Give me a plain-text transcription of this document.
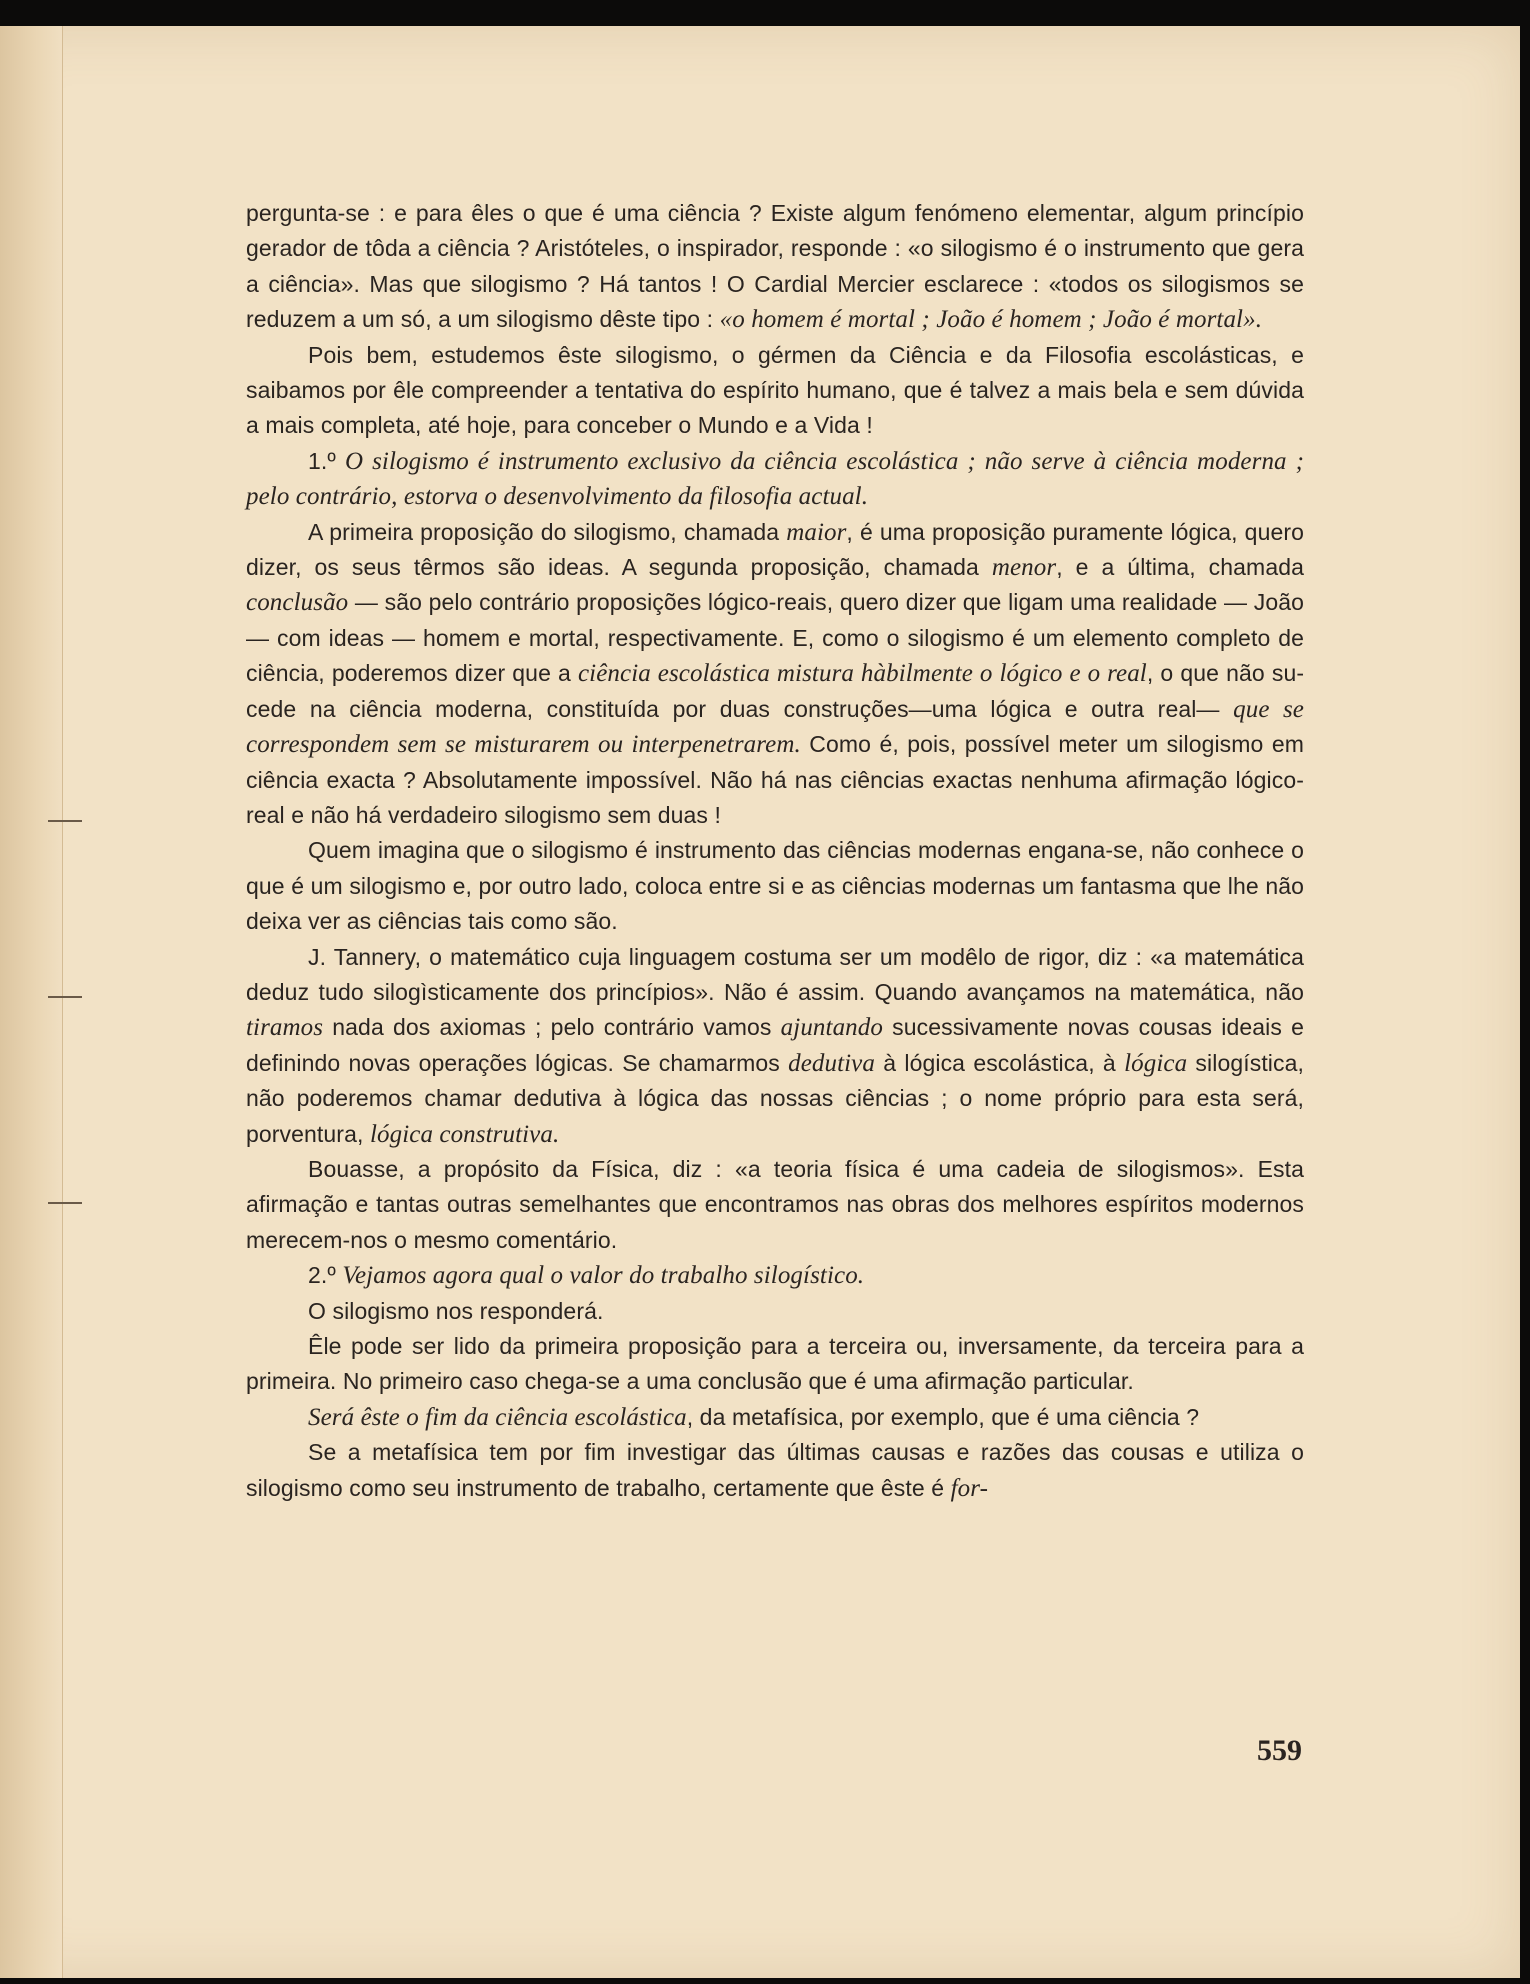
pergunta-se : e para êles o que é uma ciência ? Existe algum fenómeno elementar, algum princípio gerador de tôda a ciência ? Aristóteles, o inspirador, responde : «o silogismo é o instrumento que gera a ciência». Mas que silogismo ? Há tantos ! O Cardial Mercier esclarece : «todos os silogismos se reduzem a um só, a um silogismo dêste tipo : «o homem é mortal ; João é homem ; João é mortal».

Pois bem, estudemos êste silogismo, o gérmen da Ciência e da Filosofia escolásticas, e saibamos por êle compreender a tentativa do espírito humano, que é talvez a mais bela e sem dúvida a mais completa, até hoje, para conceber o Mundo e a Vida !

1.º O silogismo é instrumento exclusivo da ciência escolástica ; não serve à ciência moderna ; pelo contrário, estorva o desenvolvimento da filosofia actual.

A primeira proposição do silogismo, chamada maior, é uma proposição puramente lógica, quero dizer, os seus têrmos são ideas. A segunda proposição, chamada menor, e a última, chamada conclusão — são pelo contrário proposições lógico-reais, quero dizer que ligam uma realidade — João — com ideas — homem e mortal, respectivamente. E, como o silogismo é um elemento completo de ciência, poderemos dizer que a ciência escolástica mistura hàbilmente o lógico e o real, o que não sucede na ciência moderna, constituída por duas construções—uma lógica e outra real— que se correspondem sem se misturarem ou interpenetrarem. Como é, pois, possível meter um silogismo em ciência exacta ? Absolutamente impossível. Não há nas ciências exactas nenhuma afirmação lógico-real e não há verdadeiro silogismo sem duas !

Quem imagina que o silogismo é instrumento das ciências modernas engana-se, não conhece o que é um silogismo e, por outro lado, coloca entre si e as ciências modernas um fantasma que lhe não deixa ver as ciências tais como são.

J. Tannery, o matemático cuja linguagem costuma ser um modêlo de rigor, diz : «a matemática deduz tudo silogìsticamente dos princípios». Não é assim. Quando avançamos na matemática, não tiramos nada dos axiomas ; pelo contrário vamos ajuntando sucessivamente novas cousas ideais e definindo novas operações lógicas. Se chamarmos dedutiva à lógica escolástica, à lógica silogística, não poderemos chamar dedutiva à lógica das nossas ciências ; o nome próprio para esta será, porventura, lógica construtiva.

Bouasse, a propósito da Física, diz : «a teoria física é uma cadeia de silogismos». Esta afirmação e tantas outras semelhantes que encontramos nas obras dos melhores espíritos modernos merecem-nos o mesmo comentário.

2.º Vejamos agora qual o valor do trabalho silogístico.

O silogismo nos responderá.

Êle pode ser lido da primeira proposição para a terceira ou, inversamente, da terceira para a primeira. No primeiro caso chega-se a uma conclusão que é uma afirmação particular.

Será êste o fim da ciência escolástica, da metafísica, por exemplo, que é uma ciência ?

Se a metafísica tem por fim investigar das últimas causas e razões das cousas e utiliza o silogismo como seu instrumento de trabalho, certamente que êste é for-

559
